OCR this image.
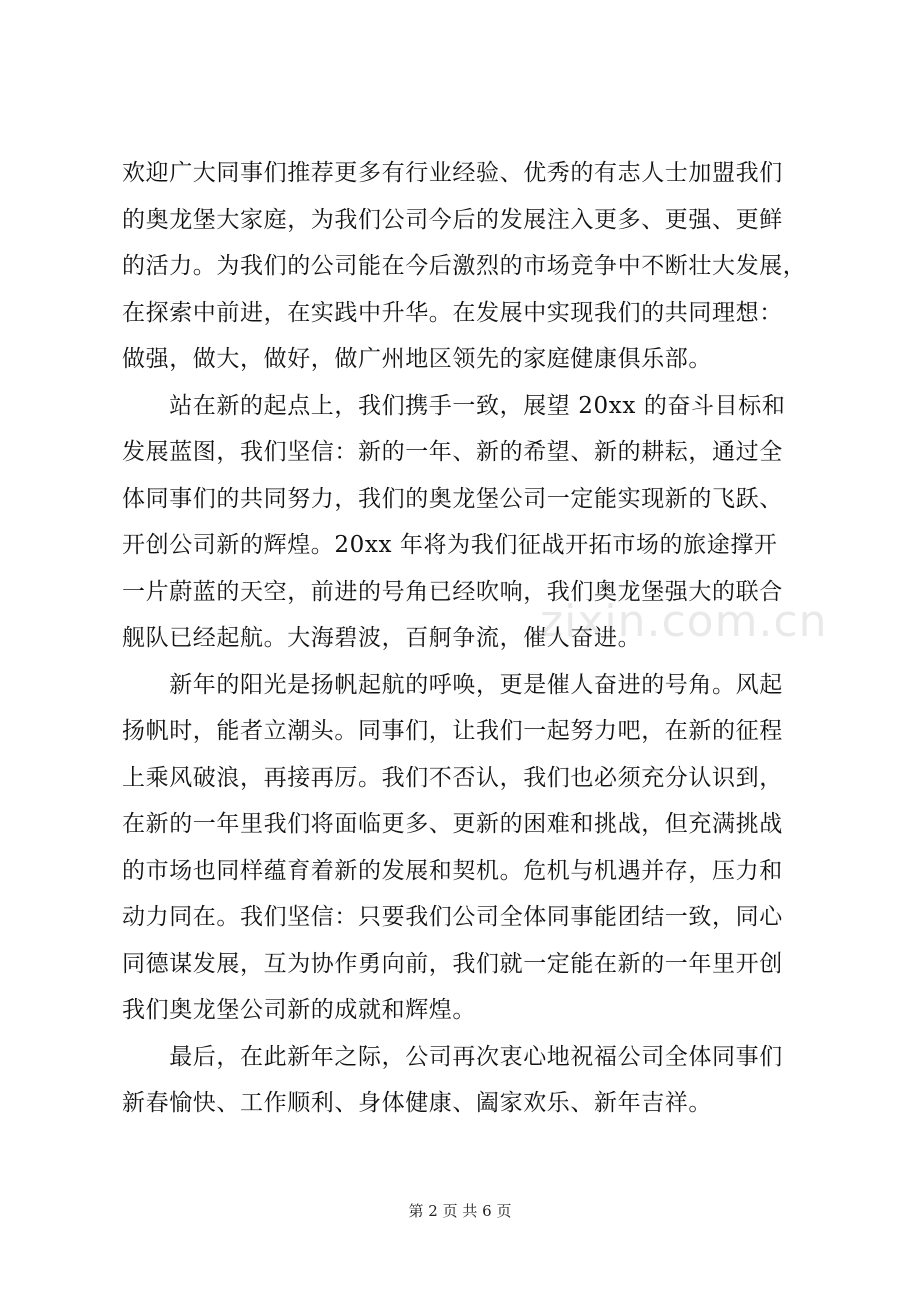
欢迎广大同事们推荐更多有行业经验、优秀的有志人士加盟我们
的奥龙堡大家庭，为我们公司今后的发展注入更多、更强、更鲜
的活力。为我们的公司能在今后激烈的市场竞争中不断壮大发展，
在探索中前进，在实践中升华。在发展中实现我们的共同理想：
做强，做大，做好，做广州地区领先的家庭健康俱乐部。
　　站在新的起点上，我们携手一致，展望 20xx 的奋斗目标和
发展蓝图，我们坚信：新的一年、新的希望、新的耕耘，通过全
体同事们的共同努力，我们的奥龙堡公司一定能实现新的飞跃、
开创公司新的辉煌。20xx 年将为我们征战开拓市场的旅途撑开
一片蔚蓝的天空，前进的号角已经吹响，我们奥龙堡强大的联合
舰队已经起航。大海碧波，百舸争流，催人奋进。
　　新年的阳光是扬帆起航的呼唤，更是催人奋进的号角。风起
扬帆时，能者立潮头。同事们，让我们一起努力吧，在新的征程
上乘风破浪，再接再厉。我们不否认，我们也必须充分认识到，
在新的一年里我们将面临更多、更新的困难和挑战，但充满挑战
的市场也同样蕴育着新的发展和契机。危机与机遇并存，压力和
动力同在。我们坚信：只要我们公司全体同事能团结一致，同心
同德谋发展，互为协作勇向前，我们就一定能在新的一年里开创
我们奥龙堡公司新的成就和辉煌。
　　最后，在此新年之际，公司再次衷心地祝福公司全体同事们
新春愉快、工作顺利、身体健康、阖家欢乐、新年吉祥。
zixin.com.cn
第 2 页 共 6 页
